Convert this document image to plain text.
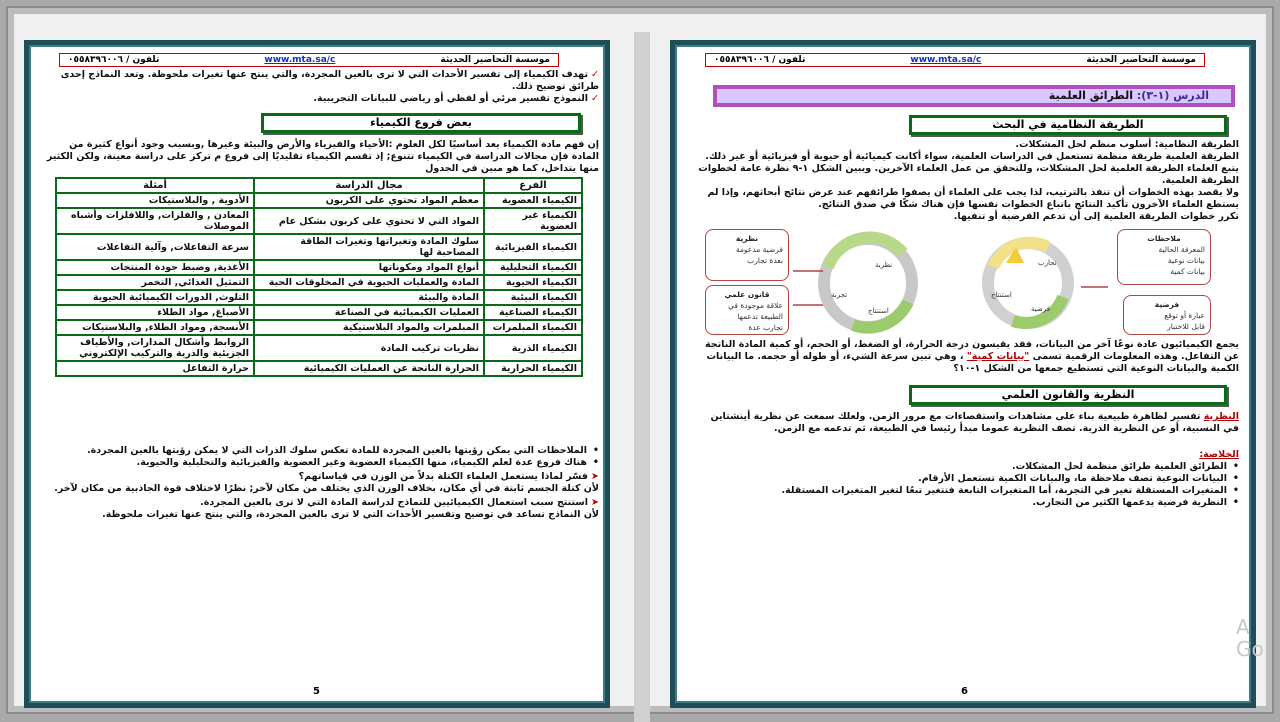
موسسة التحاضير الحديثة
www.mta.sa/c
تلفون / ٠٥٥٨٣٩٦٠٠٦
✓تهدف الكيمياء إلى تفسير الأحداث التي لا ترى بالعين المجردة، والتي ينتج عنها تغيرات ملحوظة. وتعد النماذج إحدى طرائق توضيح ذلك.
✓النموذج تفسير مرئي أو لفظي أو رياضي للبيانات التجريبية.
بعض فروع الكيمياء
إن فهم مادة الكيمياء يعد أساسيًا لكل العلوم :الأحياء والفيزياء والأرض والبيئة وغيرها ,وبسبب وجود أنواع كثيرة من المادة فإن مجالات الدراسة في الكيمياء تتنوع; إذ تقسم الكيمياء تقليديًا إلى فروع م تركز على دراسة معينة، ولكن الكثير منها يتداخل، كما هو مبين في الجدول
الفرع	مجال الدراسة	أمثلة
الكيمياء العضوية	معظم المواد تحتوي على الكربون	الأدوية , والبلاستيكات
الكيمياء غير العضوية	المواد التي لا تحتوي على كربون بشكل عام	المعادن , والفلزات, واللافلزات وأشباه الموصلات
الكيمياء الفيزيائية	سلوك المادة وتغيراتها وتغيرات الطاقة المصاحبة لها	سرعة التفاعلات, وآلية التفاعلات
الكيمياء التحليلية	أنواع المواد ومكوناتها	الأغذية, وضبط جودة المنتجات
الكيمياء الحيوية	المادة والعمليات الحيوية في المخلوقات الحية	التمثيل الغذائي, التخمر
الكيمياء البيئية	المادة والبيئة	التلوث, الدورات الكيميائية الحيوية
الكيمياء الصناعية	العمليات الكيميائية في الصناعة	الأصباغ, مواد الطلاء
الكيمياء المبلمرات	المبلمرات والمواد البلاستيكية	الأنسجة, ومواد الطلاء, والبلاستيكات
الكيمياء الذرية	نظريات تركيب المادة	الروابط وأشكال المدارات, والأطياف الجزيئية والذرية والتركيب الإلكتروني
الكيمياء الحرارية	الحرارة الناتجة عن العمليات الكيميائية	حرارة التفاعل
• الملاحظات التي يمكن رؤيتها بالعين المجردة للمادة تعكس سلوك الذرات التي لا يمكن رؤيتها بالعين المجردة.
• هناك فروع عدة لعلم الكيمياء، منها الكيمياء العضوية وغير العضوية والفيزيائية والتحليلية والحيوية.
➤فسّر لماذا يستعمل العلماء الكتلة بدلاً من الوزن في قياساتهم؟
لأن كتلة الجسم ثابتة في أي مكان، بخلاف الوزن الذي يختلف من مكان لآخر; نظرًا لاختلاف قوة الجاذبية من مكان لآخر.
➤استنتج سبب استعمال الكيميائيين للنماذج لدراسة المادة التي لا ترى بالعين المجردة.
لأن النماذج تساعد في توضيح وتفسير الأحداث التي لا ترى بالعين المجردة، والتي ينتج عنها تغيرات ملحوظة.
5
موسسة التحاضير الحديثة
www.mta.sa/c
تلفون / ٠٥٥٨٣٩٦٠٠٦
الدرس (١-٣): الطرائق العلمية
الطريقة النظامية في البحث
الطريقة النظامية: أسلوب منظم لحل المشكلات.
الطريقة العلمية طريقة منظمة تستعمل في الدراسات العلمية، سواء أكانت كيميائية أو حيوية أو فيزيائية أو غير ذلك. يتبع العلماء الطريقة العلمية لحل المشكلات، وللتحقق من عمل العلماء الآخرين. ويبين الشكل ١-٩ نظرة عامة لخطوات الطريقة العلمية.
ولا يقصد بهذه الخطوات أن تنفذ بالترتيب، لذا يجب على العلماء أن يصفوا طرائقهم عند عرض نتائج أبحاثهم، وإذا لم يستطع العلماء الآخرون تأكيد النتائج باتباع الخطوات نفسها فإن هناك شكًا في صدق النتائج.
تكرر خطوات الطريقة العلمية إلى أن تدعم الفرضية أو تنفيها.
نظرية
تجربة
استنتاج
تجارب
استنتاج
فرضية
نظرية
فرضية مدعومة
بعدة تجارب
قانون علمي
علاقة موجودة في
الطبيعة تدعمها
تجارب عدة
ملاحظات
المعرفة الحالية
بيانات نوعية
بيانات كمية
فرضية
عبارة أو توقع
قابل للاختبار
يجمع الكيميائيون عادة نوعًا آخر من البيانات، فقد يقيسون درجة الحرارة، أو الضغط، أو الحجم، أو كمية المادة الناتجة عن التفاعل. وهذه المعلومات الرقمية تسمى "بيانات كمية" ، وهي تبين سرعة الشيء، أو طوله أو حجمه. ما البيانات الكمية والبيانات النوعية التي تستطيع جمعها من الشكل ١-١٠؟
النظرية والقانون العلمي
النظرية تفسير لظاهرة طبيعية بناء على مشاهدات واستقصاءات مع مرور الزمن. ولعلك سمعت عن نظرية أينشتاين في النسبية، أو عن النظرية الذرية. تصف النظرية عموما مبدأ رئيسا في الطبيعة، ثم تدعمه مع الزمن.
الخلاصة:
• الطرائق العلمية طرائق منظمة لحل المشكلات.
• البيانات النوعية تصف ملاحظة ما، والبيانات الكمية تستعمل الأرقام.
• المتغيرات المستقلة تغير في التجربة، أما المتغيرات التابعة فتتغير تبعًا لتغير المتغيرات المستقلة.
• النظرية فرضية يدعمها الكثير من التجارب.
6
A
Go
